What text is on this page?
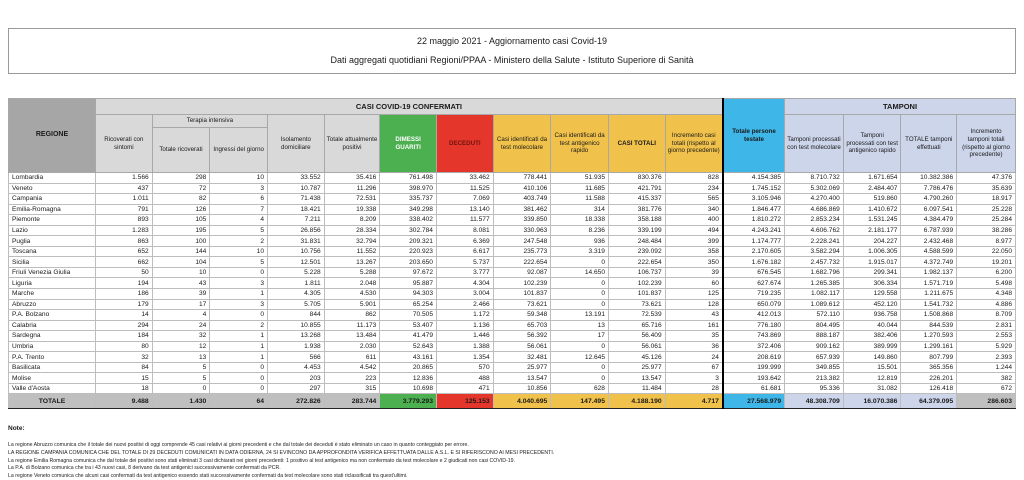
22 maggio 2021 - Aggiornamento casi Covid-19
Dati aggregati quotidiani Regioni/PPAA - Ministero della Salute - Istituto Superiore di Sanità
REGIONE	CASI COVID-19 CONFERMATI											Totale persone testate	TAMPONI			
	Ricoverati con sintomi	Terapia intensiva		Isolamento domiciliare	Totale attualmente positivi	DIMESSI GUARITI	DECEDUTI	Casi identificati da test molecolare	Casi identificati da test antigenico rapido	CASI TOTALI	Incremento casi totali (rispetto al giorno precedente)		Tamponi processati con test molecolare	Tamponi processati con test antigenico rapido	TOTALE tamponi effettuati	Incremento tamponi totali (rispetto al giorno precedente)
		Totale ricoverati	Ingressi del giorno													
Lombardia	1.566	298	10	33.552	35.416	761.498	33.462	778.441	51.935	830.376	828	4.154.385	8.710.732	1.671.654	10.382.386	47.376
Veneto	437	72	3	10.787	11.296	398.970	11.525	410.106	11.685	421.791	234	1.745.152	5.302.069	2.484.407	7.786.476	35.639
Campania	1.011	82	6	71.438	72.531	335.737	7.069	403.749	11.588	415.337	565	3.105.946	4.270.400	519.860	4.790.260	18.917
Emilia-Romagna	791	126	7	18.421	19.338	349.298	13.140	381.462	314	381.776	340	1.846.477	4.686.869	1.410.672	6.097.541	25.228
Piemonte	893	105	4	7.211	8.209	338.402	11.577	339.850	18.338	358.188	400	1.810.272	2.853.234	1.531.245	4.384.479	25.284
Lazio	1.283	195	5	26.856	28.334	302.784	8.081	330.963	8.236	339.199	494	4.243.241	4.606.762	2.181.177	6.787.939	38.286
Puglia	863	100	2	31.831	32.794	209.321	6.369	247.548	936	248.484	399	1.174.777	2.228.241	204.227	2.432.468	8.977
Toscana	652	144	10	10.756	11.552	220.923	6.617	235.773	3.319	239.092	358	2.170.605	3.582.294	1.006.305	4.588.599	22.050
Sicilia	662	104	5	12.501	13.267	203.650	5.737	222.654	0	222.654	350	1.676.182	2.457.732	1.915.017	4.372.749	19.201
Friuli Venezia Giulia	50	10	0	5.228	5.288	97.672	3.777	92.087	14.650	106.737	39	676.545	1.682.796	299.341	1.982.137	6.200
Liguria	194	43	3	1.811	2.048	95.887	4.304	102.239	0	102.239	60	627.674	1.265.385	306.334	1.571.719	5.498
Marche	186	39	1	4.305	4.530	94.303	3.004	101.837	0	101.837	125	719.235	1.082.117	129.558	1.211.675	4.348
Abruzzo	179	17	3	5.705	5.901	65.254	2.466	73.621	0	73.621	128	650.079	1.089.612	452.120	1.541.732	4.886
P.A. Bolzano	14	4	0	844	862	70.505	1.172	59.348	13.191	72.539	43	412.013	572.110	936.758	1.508.868	8.709
Calabria	294	24	2	10.855	11.173	53.407	1.136	65.703	13	65.716	161	776.180	804.495	40.044	844.539	2.831
Sardegna	184	32	1	13.268	13.484	41.479	1.446	56.392	17	56.409	35	743.869	888.187	382.406	1.270.593	2.553
Umbria	80	12	1	1.938	2.030	52.643	1.388	56.061	0	56.061	36	372.406	909.162	389.999	1.299.161	5.929
P.A. Trento	32	13	1	566	611	43.161	1.354	32.481	12.645	45.126	24	208.619	657.939	149.860	807.799	2.393
Basilicata	84	5	0	4.453	4.542	20.865	570	25.977	0	25.977	67	199.999	349.855	15.501	365.356	1.244
Molise	15	5	0	203	223	12.836	488	13.547	0	13.547	3	193.642	213.382	12.819	226.201	382
Valle d'Aosta	18	0	0	297	315	10.698	471	10.856	628	11.484	28	61.681	95.336	31.082	126.418	672
TOTALE	9.488	1.430	64	272.826	283.744	3.779.293	125.153	4.040.695	147.495	4.188.190	4.717	27.568.979	48.308.709	16.070.386	64.379.095	286.603
Note:
La regione Abruzzo comunica che il totale dei nuovi positivi di oggi comprende 45 casi relativi ai giorni precedenti e che dal totale dei deceduti è stato eliminato un caso in quanto conteggiato per errore.
LA REGIONE CAMPANIA COMUNICA CHE DEL TOTALE DI 29 DECEDUTI COMUNICATI IN DATA ODIERNA, 24 SI EVINCONO DA APPROFONDITA VERIFICA EFFETTUATA DALLE A.S.L. E SI RIFERISCONO AI MESI PRECEDENTI.
La regione Emilia Romagna comunica che dal totale dei positivi sono stati eliminati 3 casi dichiarati nei giorni precedenti: 1 positivo al test antigenico ma non confermato da test molecolare e 2 giudicati non casi COVID-19.
La P.A. di Bolzano comunica che tra i 43 nuovi casi, 8 derivano da test antigenici successivamente confermati da PCR.
La regione Veneto comunica che alcuni casi confermati da test antigenico essendo stati successivamente confermati da test molecolare sono stati riclassificati tra quest'ultimi.
